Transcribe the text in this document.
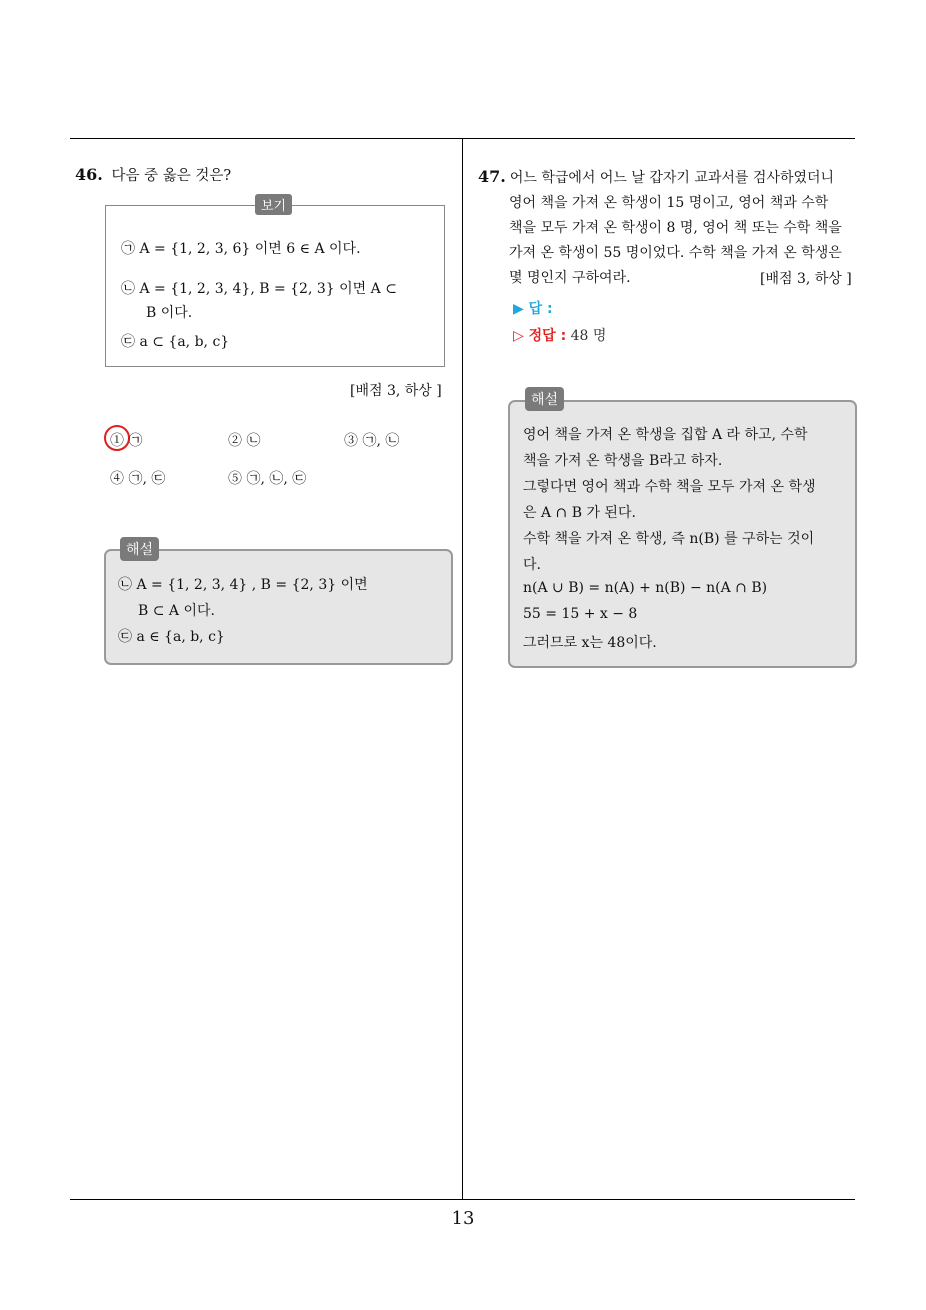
46. 다음 중 옳은 것은?
보기
㉠ A = {1, 2, 3, 6} 이면 6 ∈ A 이다.
㉡ A = {1, 2, 3, 4}, B = {2, 3} 이면 A ⊂
B 이다.
㉢ a ⊂ {a, b, c}
[배점 3, 하상 ]
① ㉠	② ㉡	③ ㉠, ㉡
④ ㉠, ㉢	⑤ ㉠, ㉡, ㉢
해설
㉡ A = {1, 2, 3, 4} , B = {2, 3} 이면
B ⊂ A 이다.
㉢ a ∈ {a, b, c}
47. 어느 학급에서 어느 날 갑자기 교과서를 검사하였더니
영어 책을 가져 온 학생이 15 명이고, 영어 책과 수학
책을 모두 가져 온 학생이 8 명, 영어 책 또는 수학 책을
가져 온 학생이 55 명이었다. 수학 책을 가져 온 학생은
몇 명인지 구하여라.	[배점 3, 하상 ]
▶ 답 :
▷ 정답 : 48 명
해설
영어 책을 가져 온 학생을 집합 A 라 하고, 수학
책을 가져 온 학생을 B라고 하자.
그렇다면 영어 책과 수학 책을 모두 가져 온 학생
은 A ∩ B 가 된다.
수학 책을 가져 온 학생, 즉 n(B) 를 구하는 것이
다.
n(A ∪ B) = n(A) + n(B) − n(A ∩ B)
55 = 15 + x − 8
그러므로 x는 48이다.
13
